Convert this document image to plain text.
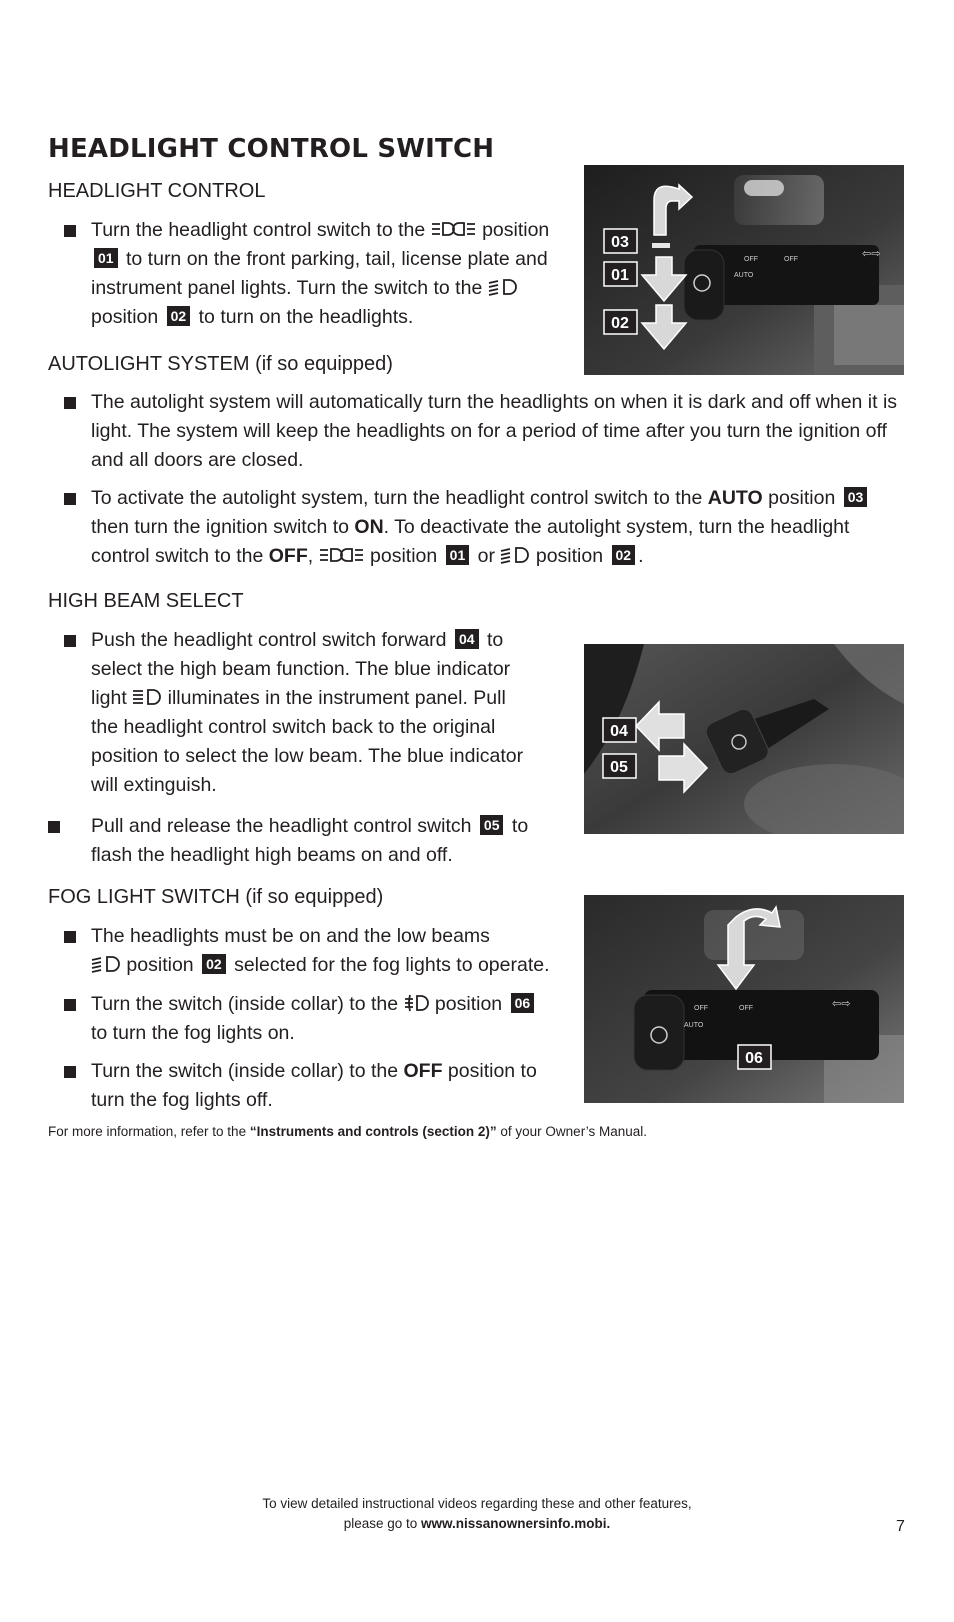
HEADLIGHT CONTROL SWITCH

HEADLIGHT CONTROL

Turn the headlight control switch to the	position
01 to turn on the front parking, tail, license plate and
instrument panel lights. Turn the switch to the
position 02 to turn on the headlights.
OFF	OFF
AUTO
⇦⇨
03
01
02

AUTOLIGHT SYSTEM (if so equipped)

The autolight system will automatically turn the headlights on when it is dark and off when it is
light. The system will keep the headlights on for a period of time after you turn the ignition off
and all doors are closed.
To activate the autolight system, turn the headlight control switch to the AUTO position 03
then turn the ignition switch to ON. To deactivate the autolight system, turn the headlight
control switch to the OFF,	position 01 or position 02 .

HIGH BEAM SELECT

Push the headlight control switch forward 04 to
select the high beam function. The blue indicator
light illuminates in the instrument panel. Pull
the headlight control switch back to the original
position to select the low beam. The blue indicator
will extinguish.
Pull and release the headlight control switch 05 to
flash the headlight high beams on and off.
04
05

FOG LIGHT SWITCH (if so equipped)

The headlights must be on and the low beams
position 02 selected for the fog lights to operate.
Turn the switch (inside collar) to the position 06
to turn the fog lights on.
Turn the switch (inside collar) to the OFF position to
turn the fog lights off.
OFF	OFF
AUTO
⇦⇨
06
For more information, refer to the “Instruments and controls (section 2)” of your Owner’s Manual.
To view detailed instructional videos regarding these and other features,
please go to www.nissanownersinfo.mobi.	7
